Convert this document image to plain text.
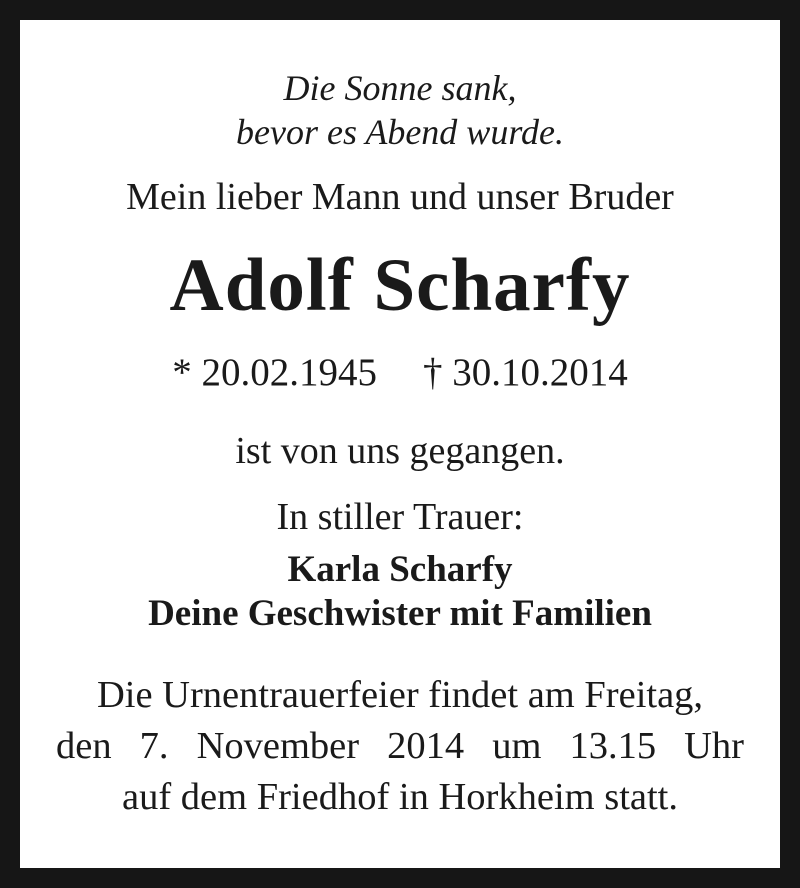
Die Sonne sank,
bevor es Abend wurde.
Mein lieber Mann und unser Bruder
Adolf Scharfy
* 20.02.1945 † 30.10.2014
ist von uns gegangen.
In stiller Trauer:
Karla Scharfy
Deine Geschwister mit Familien
Die Urnentrauerfeier findet am Freitag,
den 7. November 2014 um 13.15 Uhr
auf dem Friedhof in Horkheim statt.
